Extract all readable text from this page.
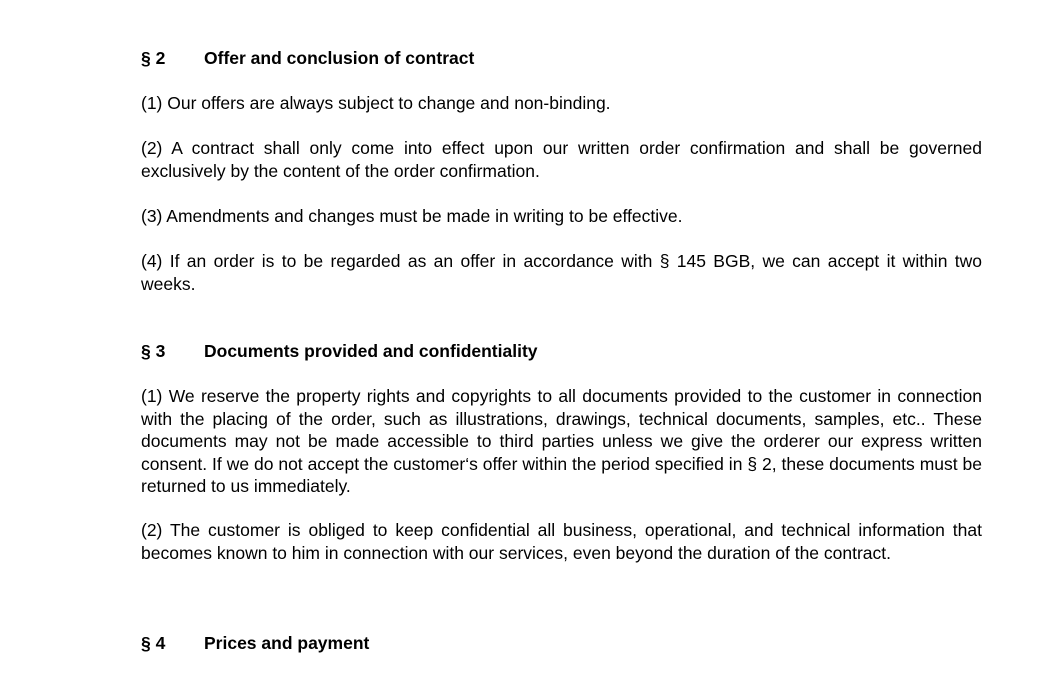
§ 2 Offer and conclusion of contract

(1) Our offers are always subject to change and non-binding.

(2) A contract shall only come into effect upon our written order confirmation and shall be governed exclusively by the content of the order confirmation.

(3) Amendments and changes must be made in writing to be effective.

(4) If an order is to be regarded as an offer in accordance with § 145 BGB, we can accept it within two weeks.

§ 3 Documents provided and confidentiality

(1) We reserve the property rights and copyrights to all documents provided to the customer in connection with the placing of the order, such as illustrations, drawings, technical documents, samples, etc.. These documents may not be made accessible to third parties unless we give the orderer our express written consent. If we do not accept the customer‘s offer within the period specified in § 2, these documents must be returned to us immediately.

(2) The customer is obliged to keep confidential all business, operational, and technical information that becomes known to him in connection with our services, even beyond the duration of the contract.

§ 4 Prices and payment
